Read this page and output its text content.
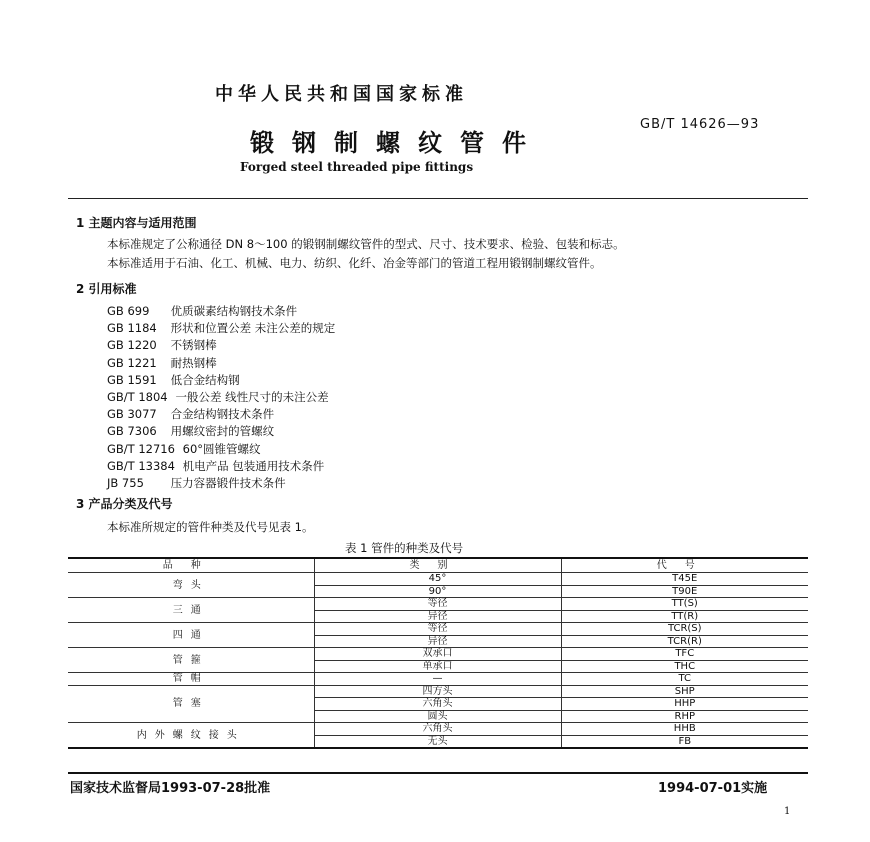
中华人民共和国国家标准
GB/T 14626—93
锻钢制螺纹管件
Forged steel threaded pipe fittings
1 主题内容与适用范围
本标准规定了公称通径 DN 8～100 的锻钢制螺纹管件的型式、尺寸、技术要求、检验、包装和标志。
本标准适用于石油、化工、机械、电力、纺织、化纤、冶金等部门的管道工程用锻钢制螺纹管件。
2 引用标准
GB 699 优质碳素结构钢技术条件
GB 1184 形状和位置公差 未注公差的规定
GB 1220 不锈钢棒
GB 1221 耐热钢棒
GB 1591 低合金结构钢
GB/T 1804 一般公差 线性尺寸的未注公差
GB 3077 合金结构钢技术条件
GB 7306 用螺纹密封的管螺纹
GB/T 12716 60°圆锥管螺纹
GB/T 13384 机电产品 包装通用技术条件
JB 755 压力容器锻件技术条件
3 产品分类及代号
本标准所规定的管件种类及代号见表 1。
表 1 管件的种类及代号
品种	类别	代号
弯头	45°	T45E
	90°	T90E
三通	等径	TT(S)
	异径	TT(R)
四通	等径	TCR(S)
	异径	TCR(R)
管箍	双承口	TFC
	单承口	THC
管帽	—	TC
管塞	四方头	SHP
	六角头	HHP
	圆头	RHP
内外螺纹接头	六角头	HHB
	无头	FB
国家技术监督局1993-07-28批准	1994-07-01实施
1
